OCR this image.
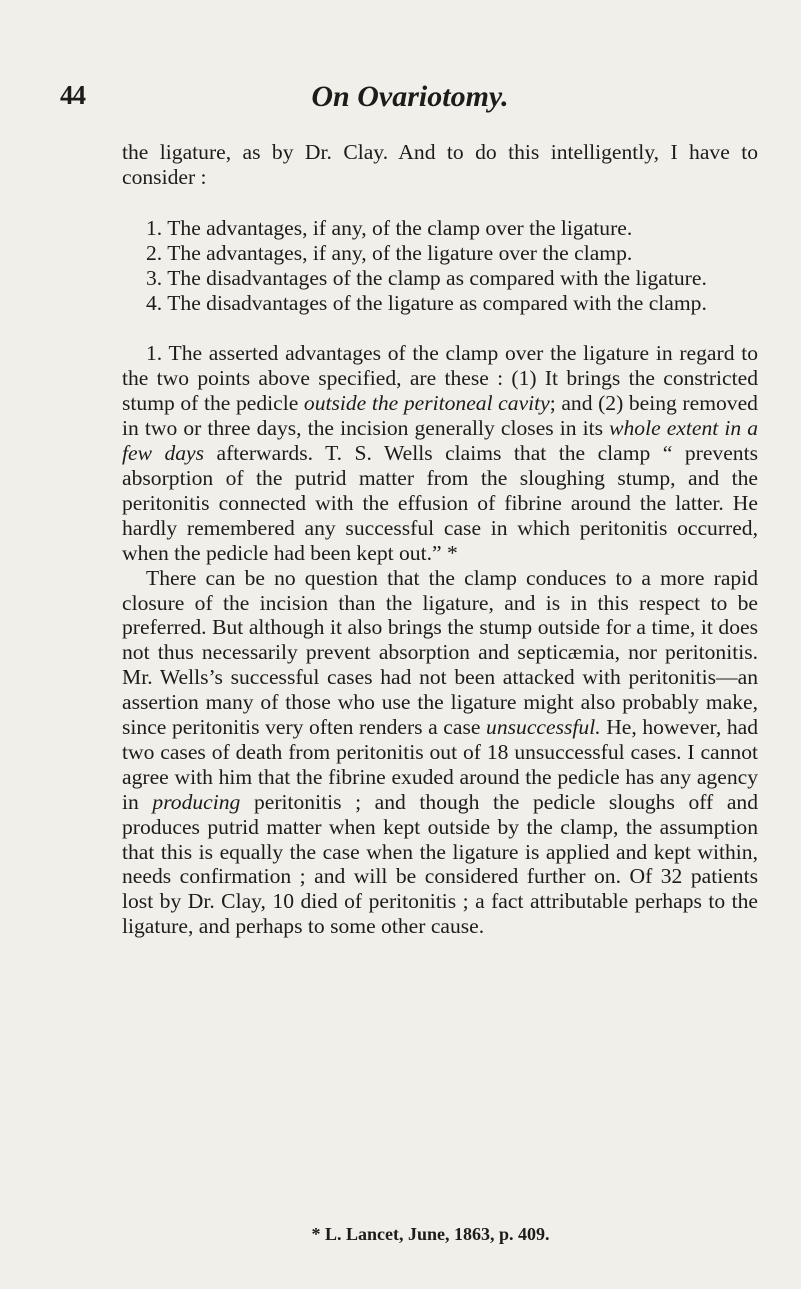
44	On Ovariotomy.

the ligature, as by Dr. Clay. And to do this intelligently, I have to consider :

1. The advantages, if any, of the clamp over the ligature.

2. The advantages, if any, of the ligature over the clamp.

3. The disadvantages of the clamp as compared with the ligature.

4. The disadvantages of the ligature as compared with the clamp.

1. The asserted advantages of the clamp over the ligature in regard to the two points above specified, are these : (1) It brings the constricted stump of the pedicle outside the peritoneal cavity; and (2) being removed in two or three days, the incision generally closes in its whole extent in a few days afterwards. T. S. Wells claims that the clamp “ prevents absorption of the putrid matter from the sloughing stump, and the peritonitis connected with the effusion of fibrine around the latter. He hardly remembered any successful case in which peritonitis occurred, when the pedicle had been kept out.” *

There can be no question that the clamp conduces to a more rapid closure of the incision than the ligature, and is in this respect to be preferred. But although it also brings the stump outside for a time, it does not thus necessarily prevent absorption and septicæmia, nor peritonitis. Mr. Wells’s successful cases had not been attacked with peritonitis—an assertion many of those who use the ligature might also probably make, since peritonitis very often renders a case unsuccessful. He, however, had two cases of death from peritonitis out of 18 unsuccessful cases. I cannot agree with him that the fibrine exuded around the pedicle has any agency in producing peritonitis ; and though the pedicle sloughs off and produces putrid matter when kept outside by the clamp, the assumption that this is equally the case when the ligature is applied and kept within, needs confirmation ; and will be considered further on. Of 32 patients lost by Dr. Clay, 10 died of peritonitis ; a fact attributable perhaps to the ligature, and perhaps to some other cause.

* L. Lancet, June, 1863, p. 409.
